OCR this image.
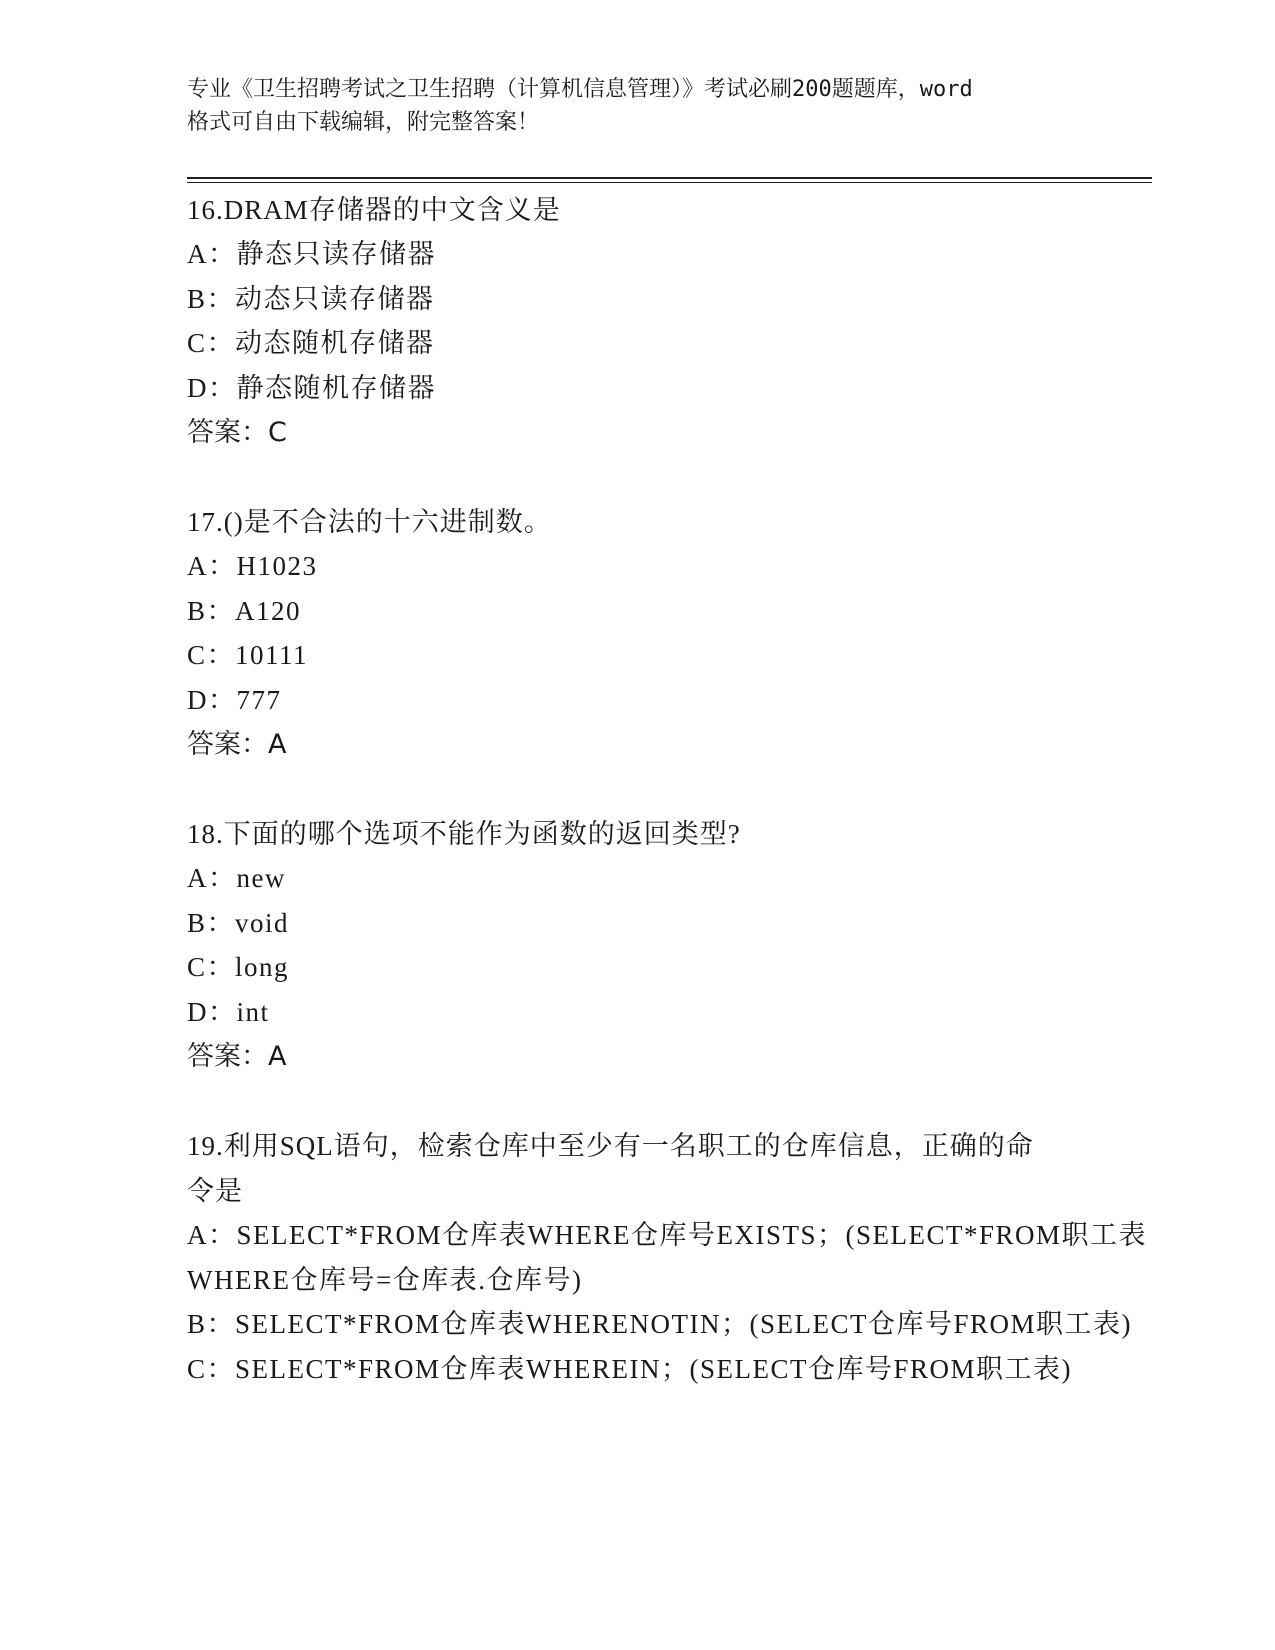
专业《卫生招聘考试之卫生招聘（计算机信息管理）》考试必刷200题题库，word
格式可自由下载编辑，附完整答案！
16.DRAM存储器的中文含义是
A：静态只读存储器
B：动态只读存储器
C：动态随机存储器
D：静态随机存储器
答案：C
17.()是不合法的十六进制数。
A：H1023
B：A120
C：10111
D：777
答案：A
18.下面的哪个选项不能作为函数的返回类型?
A：new
B：void
C：long
D：int
答案：A
19.利用SQL语句，检索仓库中至少有一名职工的仓库信息，正确的命
令是
A：SELECT*FROM仓库表WHERE仓库号EXISTS；(SELECT*FROM职工表
WHERE仓库号=仓库表.仓库号)
B：SELECT*FROM仓库表WHERENOTIN；(SELECT仓库号FROM职工表)
C：SELECT*FROM仓库表WHEREIN；(SELECT仓库号FROM职工表)
